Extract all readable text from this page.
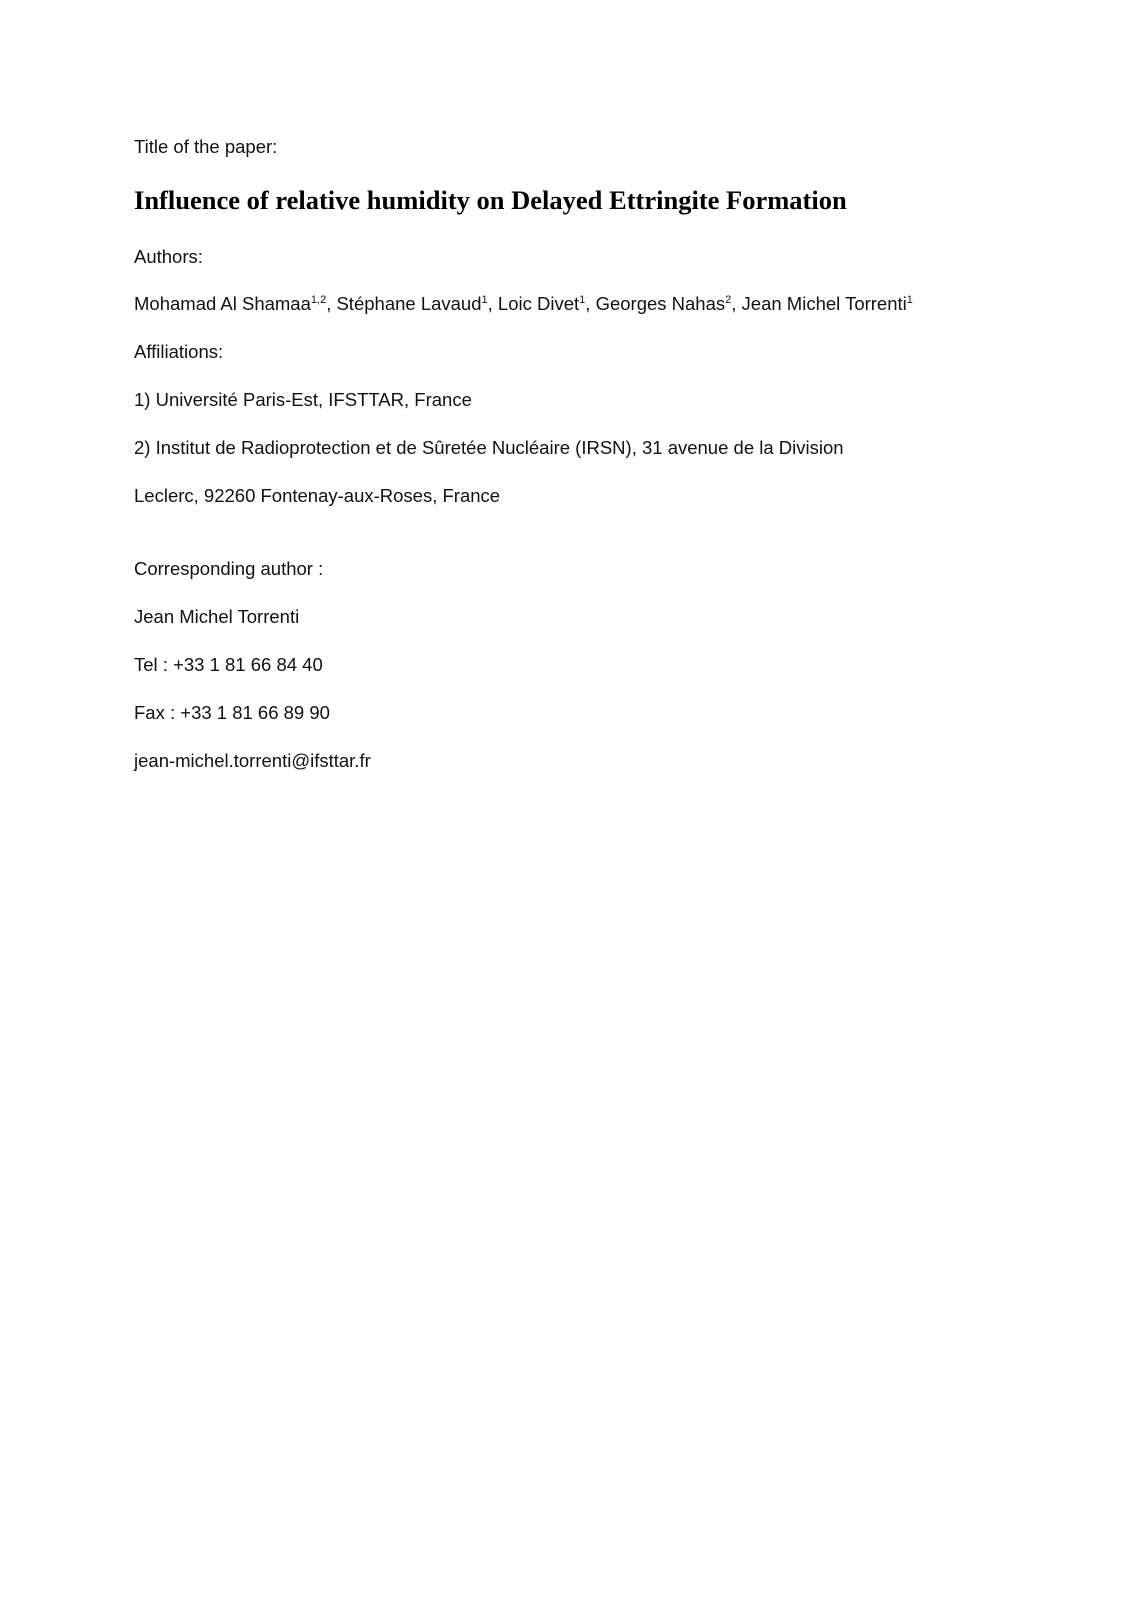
Title of the paper:
Influence of relative humidity on Delayed Ettringite Formation
Authors:
Mohamad Al Shamaa$^{1,2}$, Stéphane Lavaud$^1$, Loic Divet$^1$, Georges Nahas$^2$, Jean Michel Torrenti$^1$
Affiliations:
1) Université Paris-Est, IFSTTAR, France
2) Institut de Radioprotection et de Sûretée Nucléaire (IRSN), 31 avenue de la Division
Leclerc, 92260 Fontenay-aux-Roses, France
Corresponding author :
Jean Michel Torrenti
Tel : +33 1 81 66 84 40
Fax : +33 1 81 66 89 90
jean-michel.torrenti@ifsttar.fr
